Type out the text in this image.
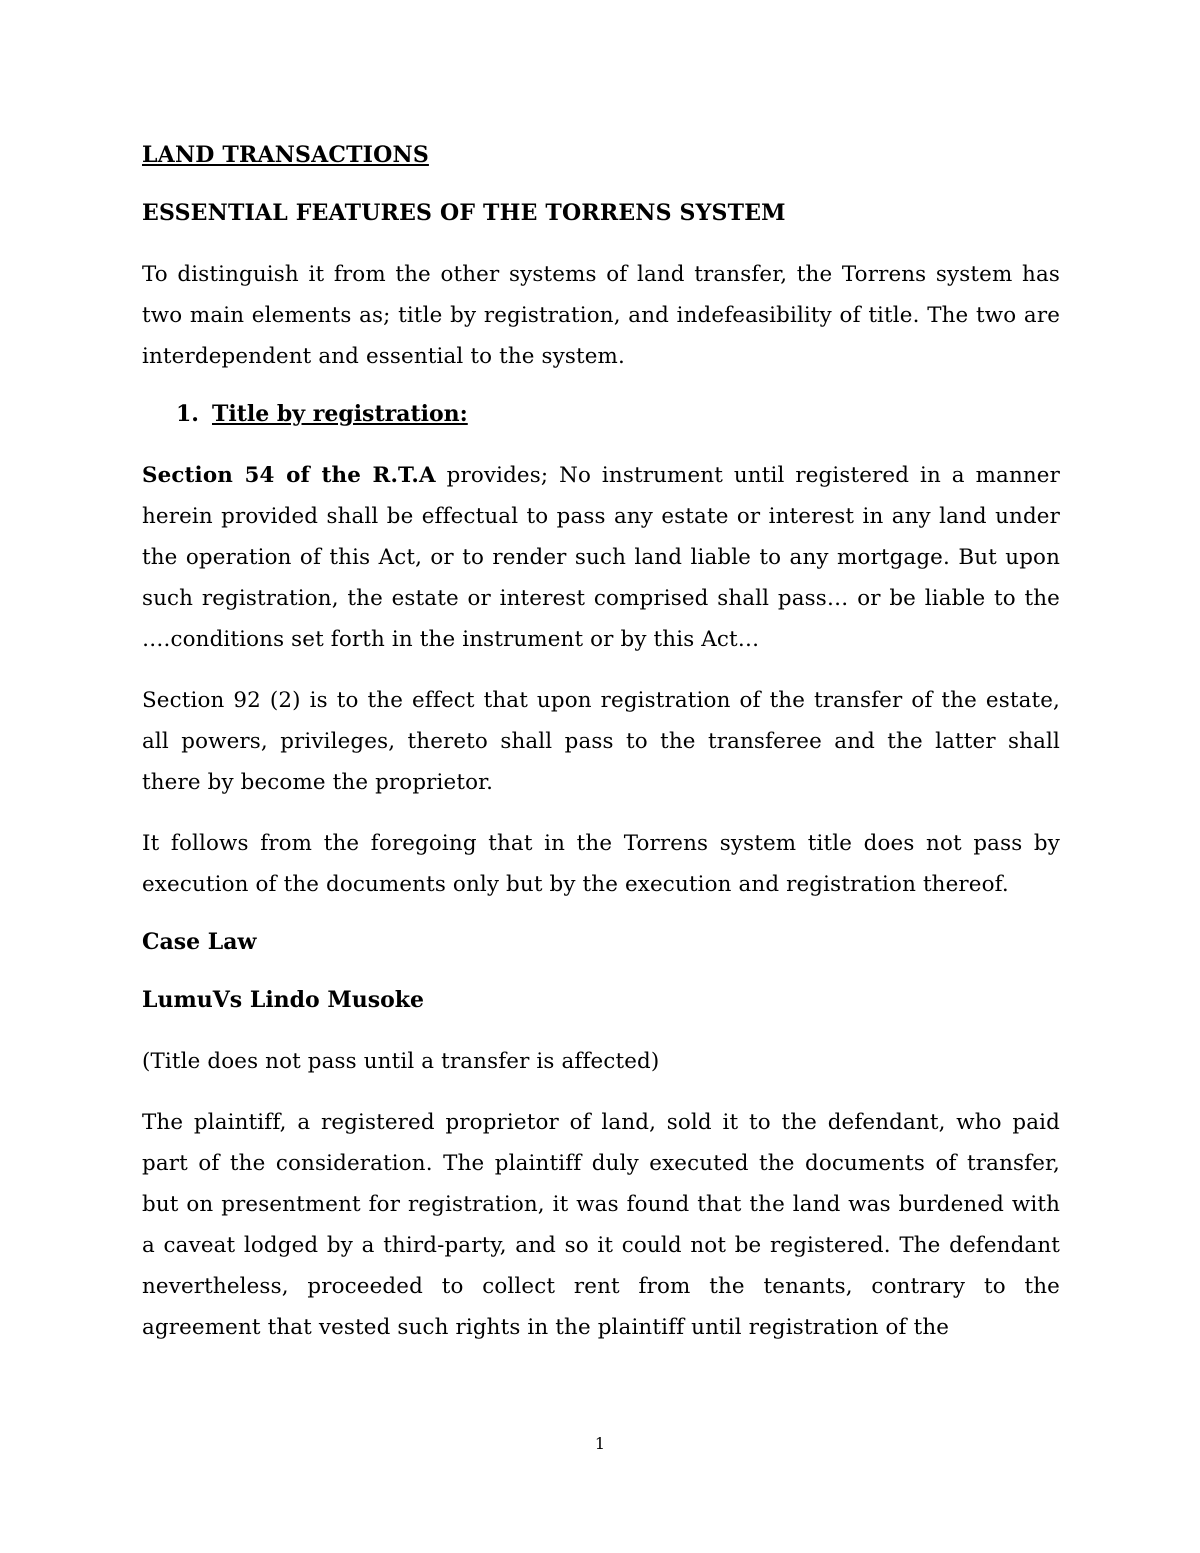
LAND TRANSACTIONS
ESSENTIAL FEATURES OF THE TORRENS SYSTEM

To distinguish it from the other systems of land transfer, the Torrens system has two main elements as; title by registration, and indefeasibility of title. The two are interdependent and essential to the system.

1. Title by registration:

Section 54 of the R.T.A provides; No instrument until registered in a manner herein provided shall be effectual to pass any estate or interest in any land under the operation of this Act, or to render such land liable to any mortgage. But upon such registration, the estate or interest comprised shall pass… or be liable to the ….conditions set forth in the instrument or by this Act…

Section 92 (2) is to the effect that upon registration of the transfer of the estate, all powers, privileges, thereto shall pass to the transferee and the latter shall there by become the proprietor.

It follows from the foregoing that in the Torrens system title does not pass by execution of the documents only but by the execution and registration thereof.

Case Law
LumuVs Lindo Musoke

(Title does not pass until a transfer is affected)

The plaintiff, a registered proprietor of land, sold it to the defendant, who paid part of the consideration. The plaintiff duly executed the documents of transfer, but on presentment for registration, it was found that the land was burdened with a caveat lodged by a third-party, and so it could not be registered. The defendant nevertheless, proceeded to collect rent from the tenants, contrary to the agreement that vested such rights in the plaintiff until registration of the

1
